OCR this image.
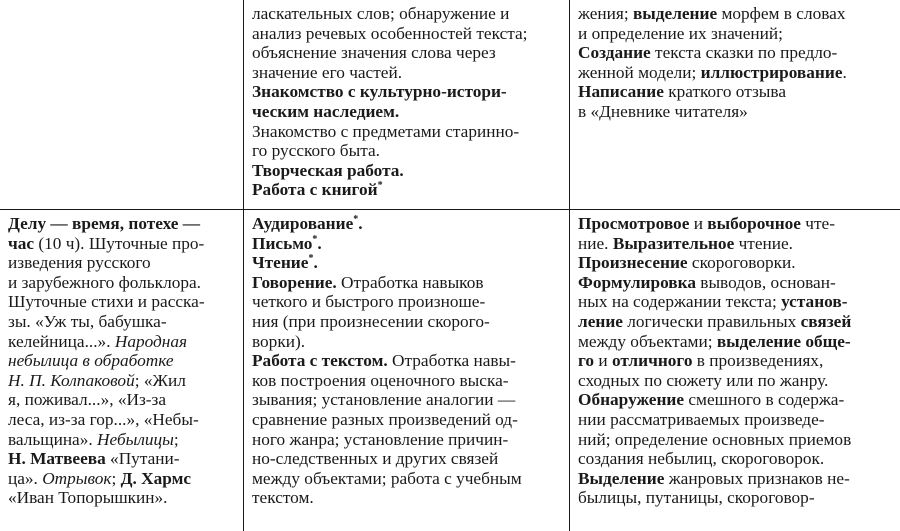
ласкательных слов; обнаружение и
анализ речевых особенностей текста;
объяснение значения слова через
значение его частей.
Знакомство с культурно-истори-
ческим наследием.
Знакомство с предметами старинно-
го русского быта.
Творческая работа.
Работа с книгой*
жения; выделение морфем в словах
и определение их значений;
Создание текста сказки по предло-
женной модели; иллюстрирование.
Написание краткого отзыва
в «Дневнике читателя»
Делу — время, потехе —
час (10 ч). Шуточные про-
изведения русского
и зарубежного фольклора.
Шуточные стихи и расска-
зы. «Уж ты, бабушка-
келейница...». Народная
небылица в обработке
Н. П. Колпаковой; «Жил
я, поживал...», «Из-за
леса, из-за гор...», «Небы-
вальщина». Небылицы;
Н. Матвеева «Путани-
ца». Отрывок; Д. Хармс
«Иван Топорышкин».
Аудирование*.
Письмо*.
Чтение*.
Говорение. Отработка навыков
четкого и быстрого произноше-
ния (при произнесении скорого-
ворки).
Работа с текстом. Отработка навы-
ков построения оценочного выска-
зывания; установление аналогии —
сравнение разных произведений од-
ного жанра; установление причин-
но-следственных и других связей
между объектами; работа с учебным
текстом.
Просмотровое и выборочное чте-
ние. Выразительное чтение.
Произнесение скороговорки.
Формулировка выводов, основан-
ных на содержании текста; установ-
ление логически правильных связей
между объектами; выделение обще-
го и отличного в произведениях,
сходных по сюжету или по жанру.
Обнаружение смешного в содержа-
нии рассматриваемых произведе-
ний; определение основных приемов
создания небылиц, скороговорок.
Выделение жанровых признаков не-
былицы, путаницы, скороговор-
